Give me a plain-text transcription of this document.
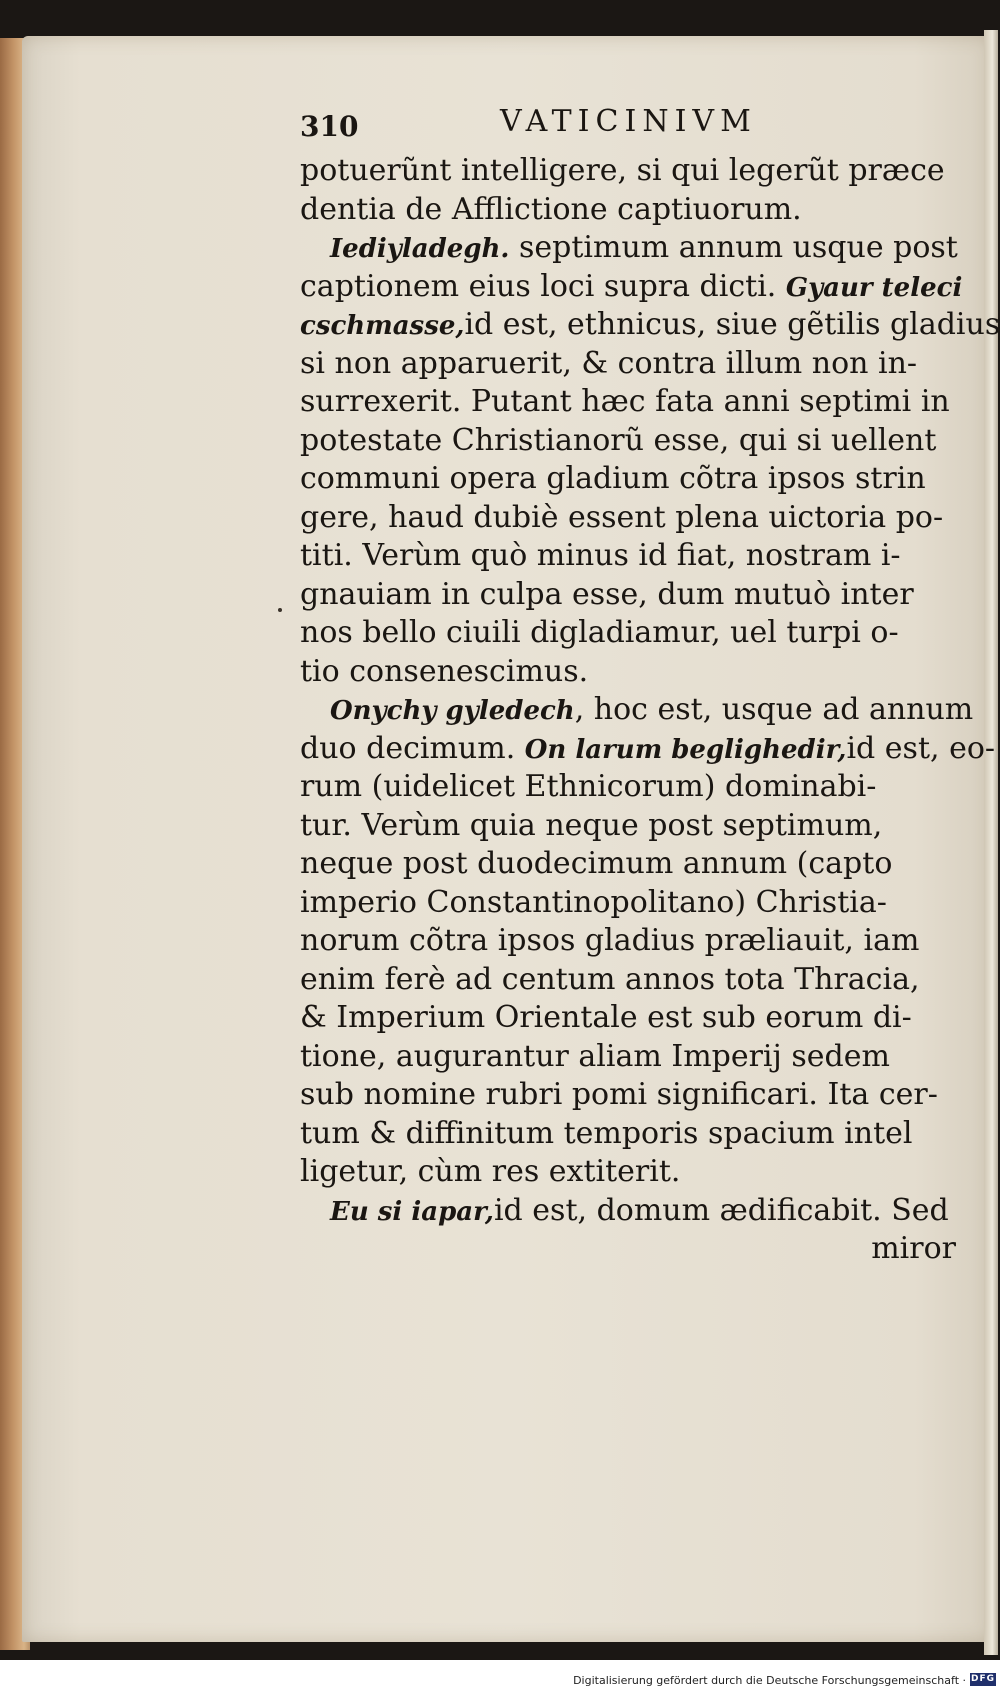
310	VATICINIVM
potuerũnt intelligere, si qui legerũt præce
dentia de Afflictione captiuorum.
Iediyladegh. septimum annum usque post
captionem eius loci supra dicti. Gyaur teleci
cschmasse,id est, ethnicus, siue gẽtilis gladius
si non apparuerit, & contra illum non in-
surrexerit. Putant hæc fata anni septimi in
potestate Christianorũ esse, qui si uellent
communi opera gladium cõtra ipsos strin
gere, haud dubiè essent plena uictoria po-
titi. Verùm quò minus id fiat, nostram i-
gnauiam in culpa esse, dum mutuò inter
nos bello ciuili digladiamur, uel turpi o-
tio consenescimus.
Onychy gyledech, hoc est, usque ad annum
duo decimum. On larum beglighedir,id est, eo-
rum (uidelicet Ethnicorum) dominabi-
tur. Verùm quia neque post septimum,
neque post duodecimum annum (capto
imperio Constantinopolitano) Christia-
norum cõtra ipsos gladius præliauit, iam
enim ferè ad centum annos tota Thracia,
& Imperium Orientale est sub eorum di-
tione, augurantur aliam Imperij sedem
sub nomine rubri pomi significari. Ita cer-
tum & diffinitum temporis spacium intel
ligetur, cùm res extiterit.
Eu si iapar,id est, domum ædificabit. Sed
miror
Digitalisierung gefördert durch die Deutsche Forschungsgemeinschaft · DFG
